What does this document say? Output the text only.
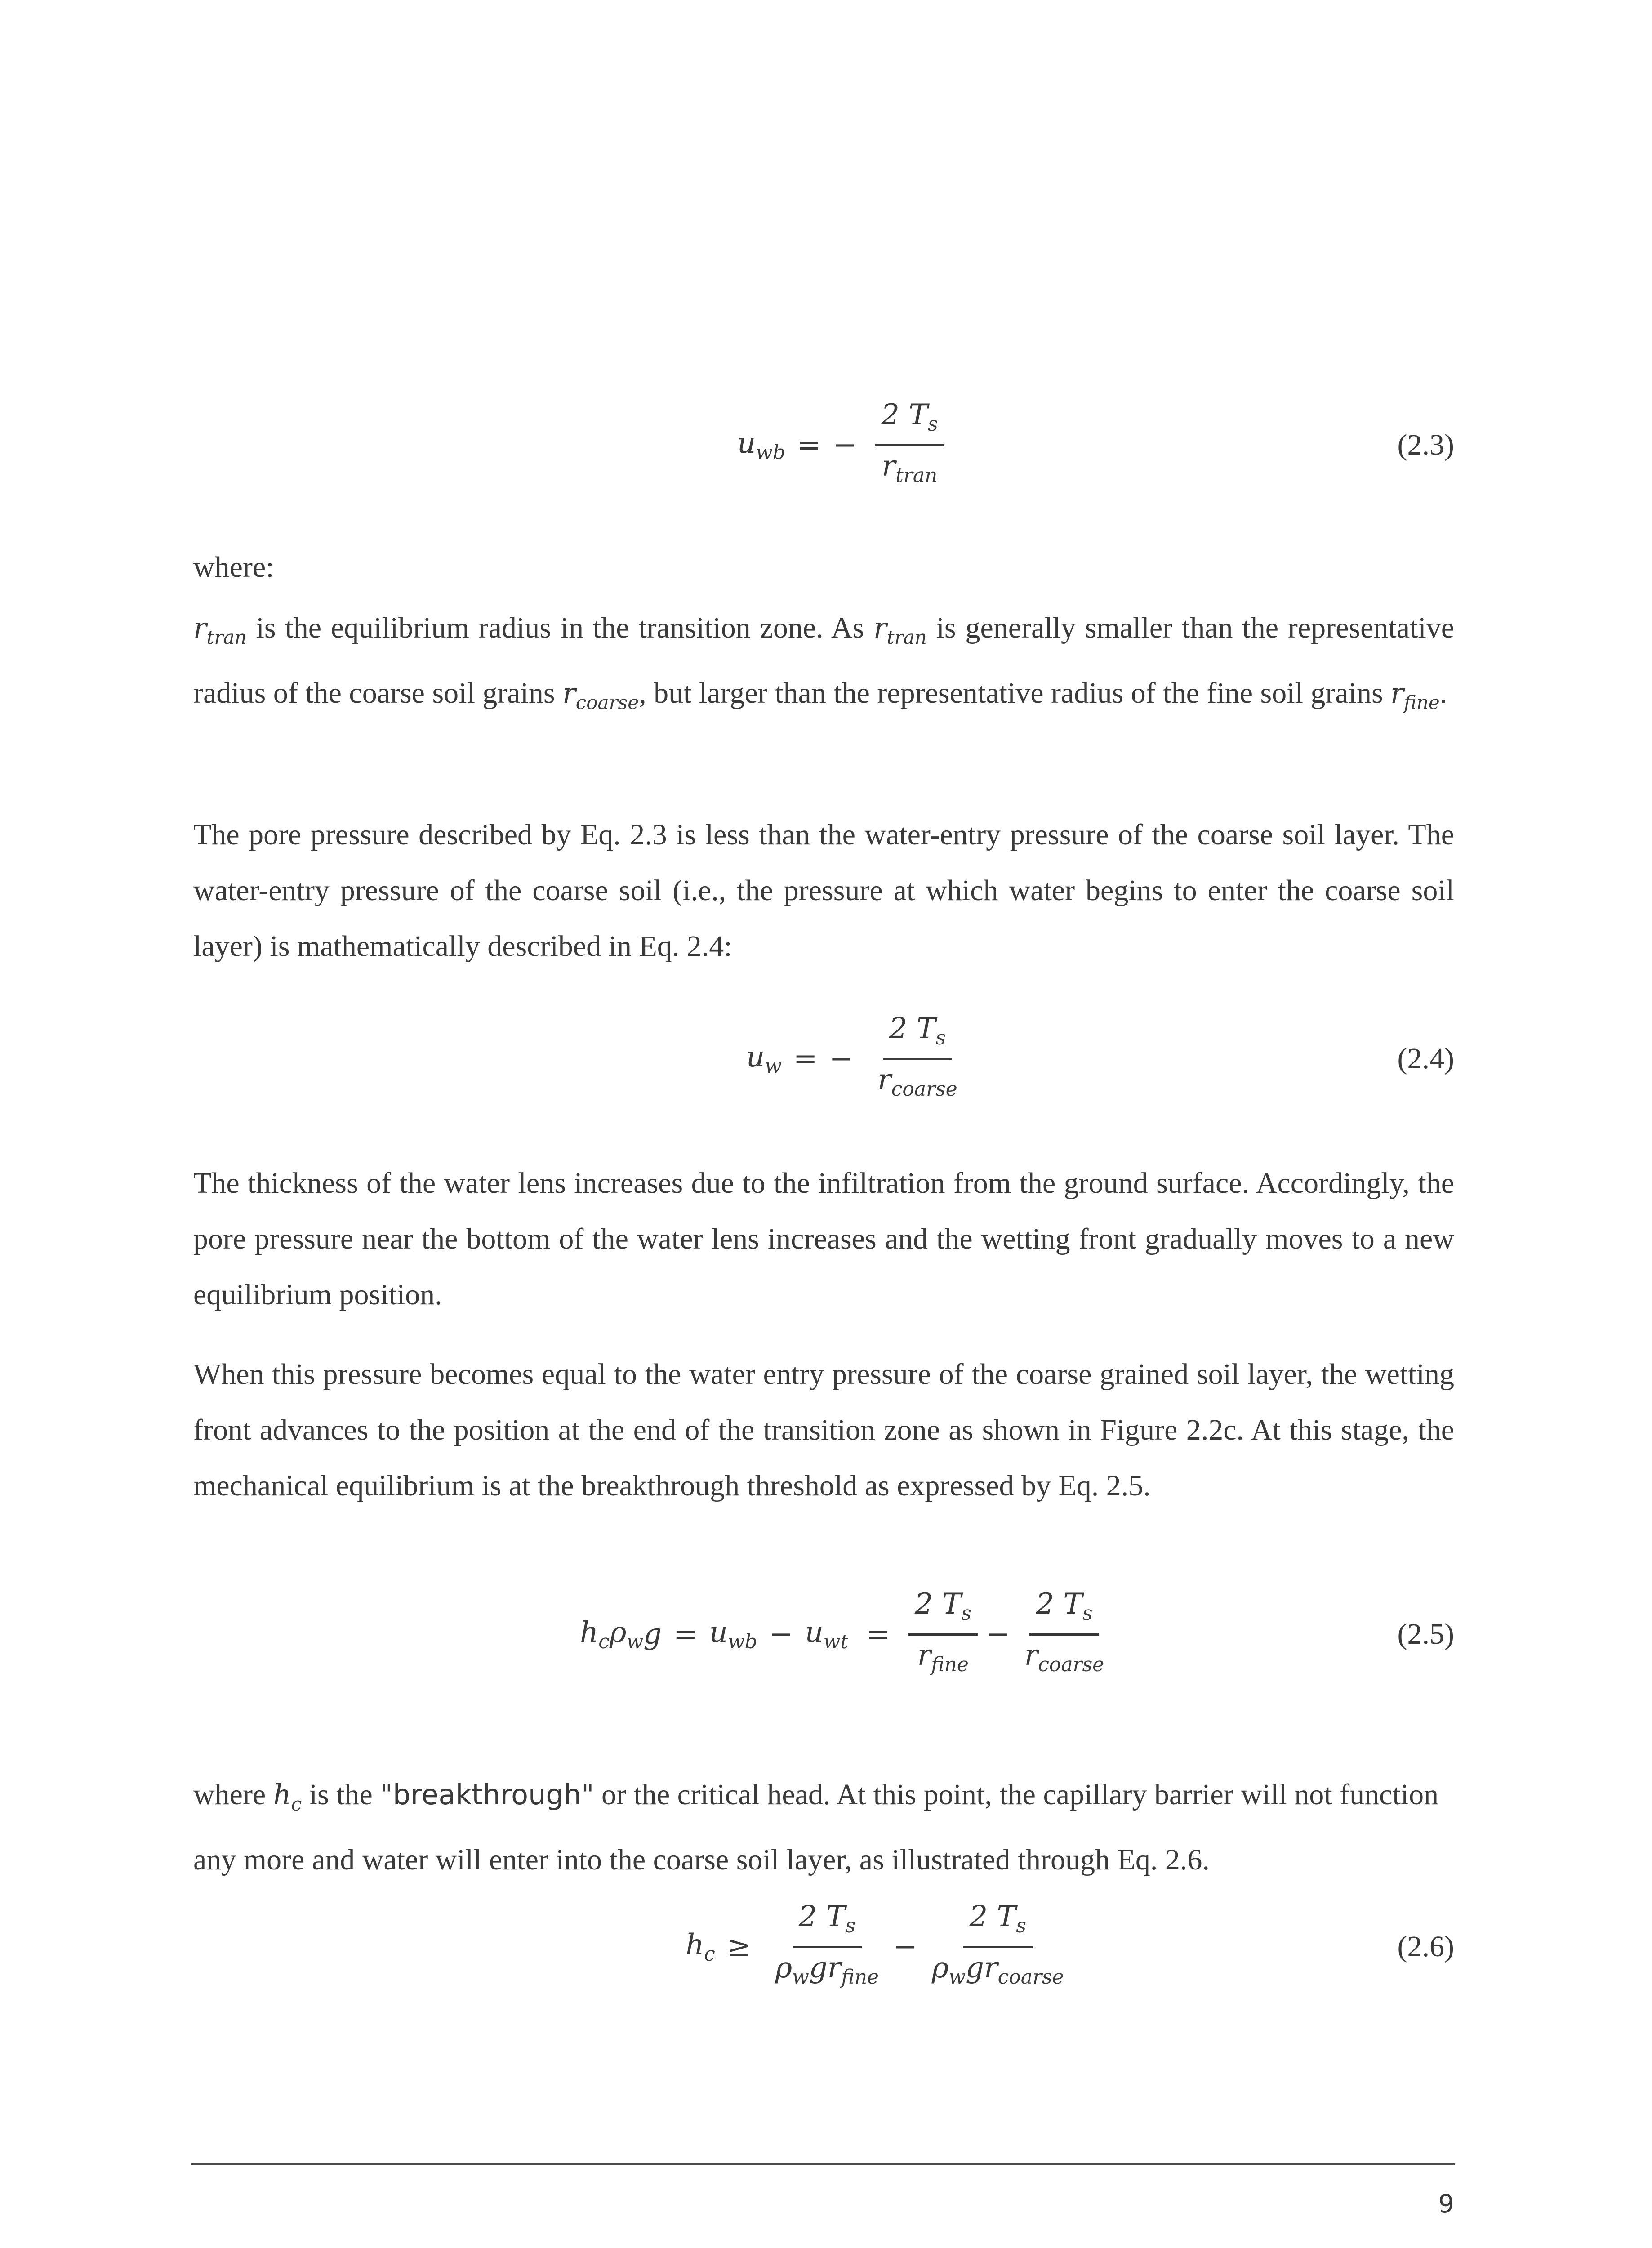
$u_{wb}$ = − $\frac{2 T_s}{r_{tran}}$	(2.3)

where:

$r_{tran}$ is the equilibrium radius in the transition zone. As $r_{tran}$ is generally smaller than the representative radius of the coarse soil grains $r_{coarse}$, but larger than the representative radius of the fine soil grains $r_{fine}$.

The pore pressure described by Eq. 2.3 is less than the water-entry pressure of the coarse soil layer. The water-entry pressure of the coarse soil (i.e., the pressure at which water begins to enter the coarse soil layer) is mathematically described in Eq. 2.4:

$u_w$ = − $\frac{2 T_s}{r_{coarse}}$	(2.4)

The thickness of the water lens increases due to the infiltration from the ground surface. Accordingly, the pore pressure near the bottom of the water lens increases and the wetting front gradually moves to a new equilibrium position.

When this pressure becomes equal to the water entry pressure of the coarse grained soil layer, the wetting front advances to the position at the end of the transition zone as shown in Figure 2.2c. At this stage, the mechanical equilibrium is at the breakthrough threshold as expressed by Eq. 2.5.

$h_c$ $\rho_w$ $g = u_{wb} - u_{wt} = \frac{2 T_s}{r_{fine}} - \frac{2 T_s}{r_{coarse}}$	(2.5)

where $h_c$ is the "breakthrough" or the critical head. At this point, the capillary barrier will not function any more and water will enter into the coarse soil layer, as illustrated through Eq. 2.6.

$h_c \ge \frac{2 T_s}{\rho_wgr_{fine}} - \frac{2 T_s}{\rho_wgr_{coarse}}$	(2.6)
9
